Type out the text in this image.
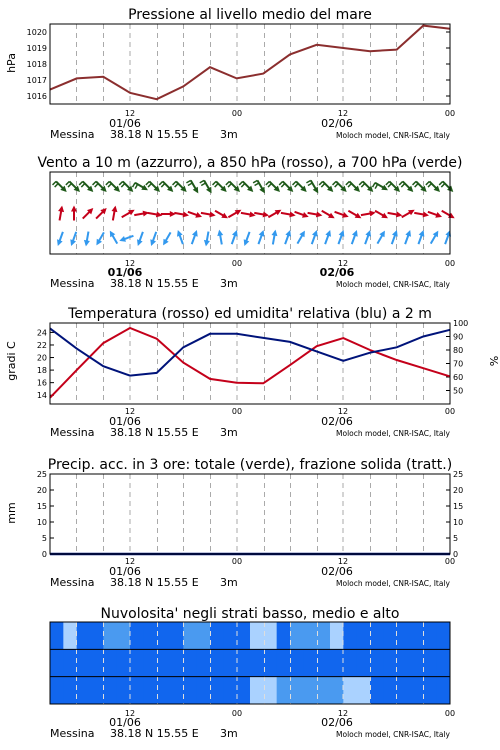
Pressione al livello medio del mare
hPa
12	00	12	00
01/06	02/06
Messina 38.18 N 15.55 E 3m	Moloch model, CNR-ISAC, Italy
1016
1017
1018
1019
1020
Vento a 10 m (azzurro), a 850 hPa (rosso), a 700 hPa (verde)
12	00	12	00
01/06	02/06
Messina 38.18 N 15.55 E 3m	Moloch model, CNR-ISAC, Italy
Temperatura (rosso) ed umidita' relativa (blu) a 2 m
gradi C	%
12	00	12	00
01/06	02/06
Messina 38.18 N 15.55 E 3m	Moloch model, CNR-ISAC, Italy
14
16
18
20
22
24
50
60
70
80
90
100
Precip. acc. in 3 ore: totale (verde), frazione solida (tratt.)
mm
12	00	12	00
01/06	02/06
Messina 38.18 N 15.55 E 3m	Moloch model, CNR-ISAC, Italy
0	0
5	5
10	10
15	15
20	20
25	25
Nuvolosita' negli strati basso, medio e alto
12	00	12	00
01/06	02/06
Messina 38.18 N 15.55 E 3m	Moloch model, CNR-ISAC, Italy
